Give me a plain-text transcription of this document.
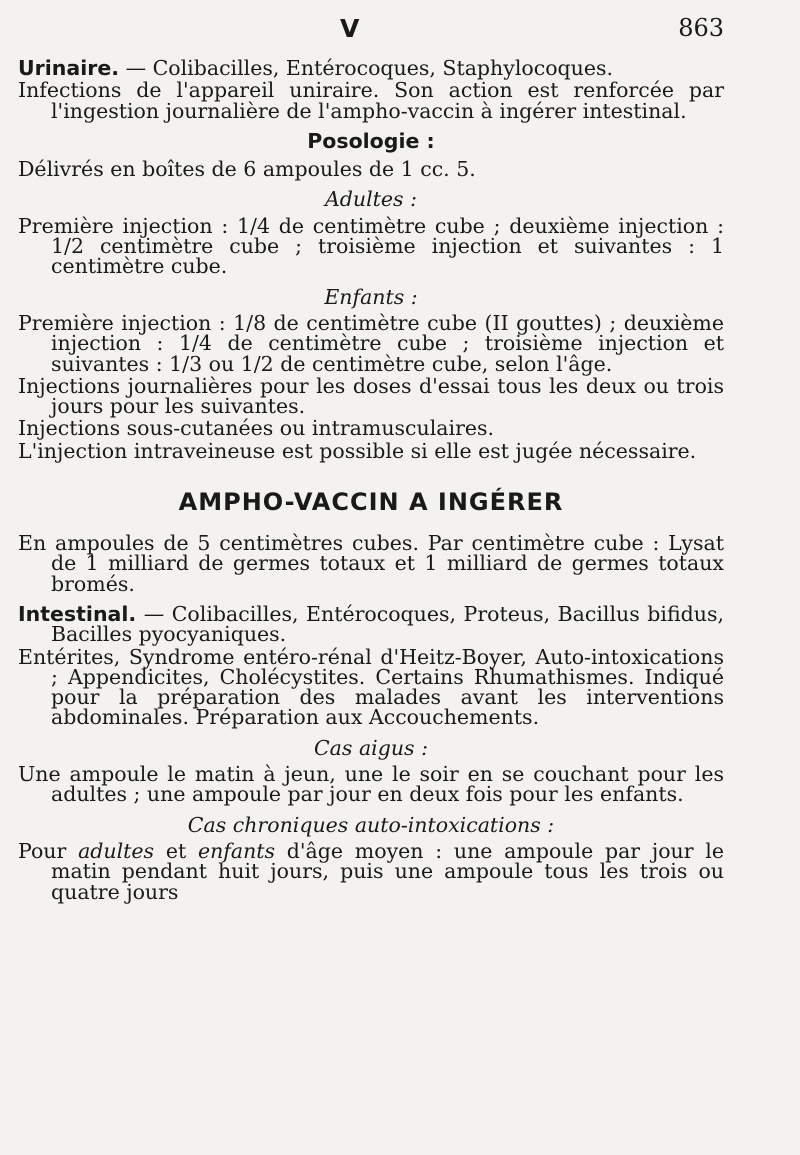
V	863

Urinaire. — Colibacilles, Entérocoques, Staphylocoques.

Infections de l'appareil uniraire. Son action est renforcée par l'ingestion journalière de l'ampho-vaccin à ingérer intestinal.

Posologie :

Délivrés en boîtes de 6 ampoules de 1 cc. 5.

Adultes :

Première injection : 1/4 de centimètre cube ; deuxième injection : 1/2 centimètre cube ; troisième injection et suivantes : 1 centimètre cube.

Enfants :

Première injection : 1/8 de centimètre cube (II gouttes) ; deuxième injection : 1/4 de centimètre cube ; troisième injection et suivantes : 1/3 ou 1/2 de centimètre cube, selon l'âge.

Injections journalières pour les doses d'essai tous les deux ou trois jours pour les suivantes.

Injections sous-cutanées ou intramusculaires.

L'injection intraveineuse est possible si elle est jugée nécessaire.

AMPHO-VACCIN A INGÉRER

En ampoules de 5 centimètres cubes. Par centimètre cube : Lysat de 1 milliard de germes totaux et 1 milliard de germes totaux bromés.

Intestinal. — Colibacilles, Entérocoques, Proteus, Bacillus bifidus, Bacilles pyocyaniques.

Entérites, Syndrome entéro-rénal d'Heitz-Boyer, Auto-intoxications ; Appendicites, Cholécystites. Certains Rhumathismes. Indiqué pour la préparation des malades avant les interventions abdominales. Préparation aux Accouchements.

Cas aigus :

Une ampoule le matin à jeun, une le soir en se couchant pour les adultes ; une ampoule par jour en deux fois pour les enfants.

Cas chroniques auto-intoxications :

Pour adultes et enfants d'âge moyen : une ampoule par jour le matin pendant huit jours, puis une ampoule tous les trois ou quatre jours
